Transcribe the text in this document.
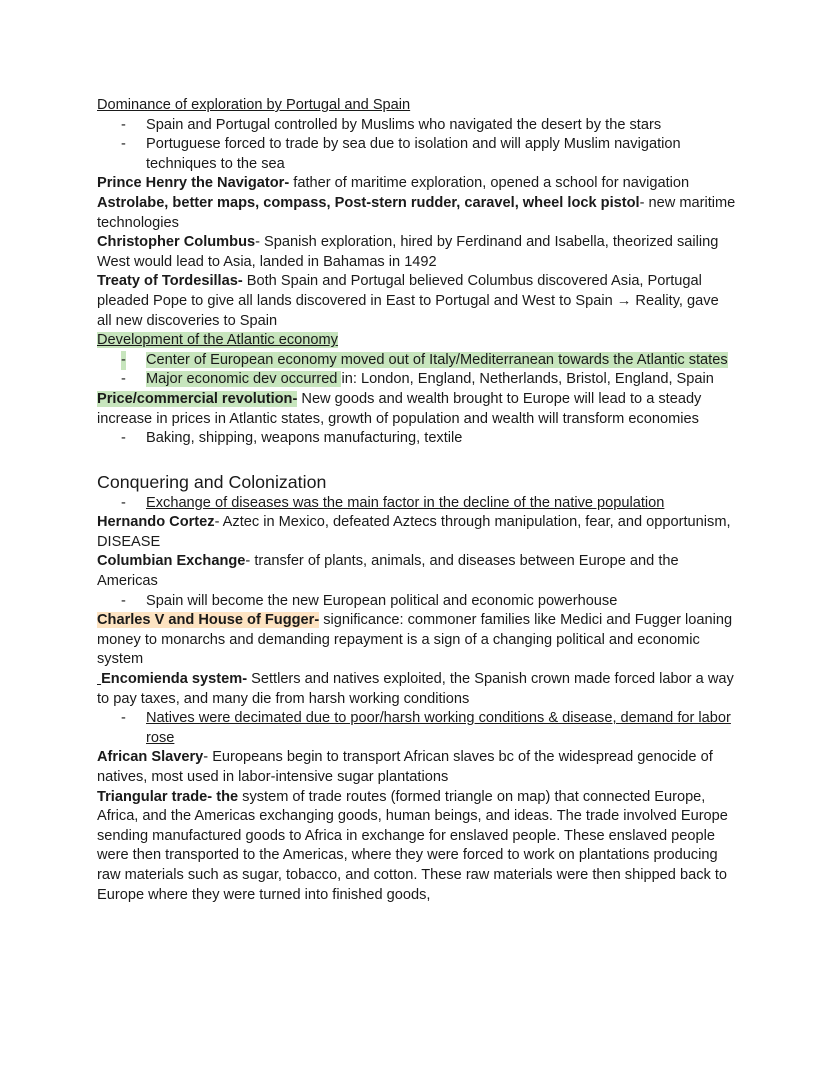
Dominance of exploration by Portugal and Spain

- Spain and Portugal controlled by Muslims who navigated the desert by the stars
- Portuguese forced to trade by sea due to isolation and will apply Muslim navigation techniques to the sea

Prince Henry the Navigator- father of maritime exploration, opened a school for navigation

Astrolabe, better maps, compass, Post-stern rudder, caravel, wheel lock pistol- new maritime technologies

Christopher Columbus- Spanish exploration, hired by Ferdinand and Isabella, theorized sailing West would lead to Asia, landed in Bahamas in 1492

Treaty of Tordesillas- Both Spain and Portugal believed Columbus discovered Asia, Portugal pleaded Pope to give all lands discovered in East to Portugal and West to Spain → Reality, gave all new discoveries to Spain

Development of the Atlantic economy

- Center of European economy moved out of Italy/Mediterranean towards the Atlantic states
- Major economic dev occurred in: London, England, Netherlands, Bristol, England, Spain

Price/commercial revolution- New goods and wealth brought to Europe will lead to a steady increase in prices in Atlantic states, growth of population and wealth will transform economies

- Baking, shipping, weapons manufacturing, textile
Conquering and Colonization
- Exchange of diseases was the main factor in the decline of the native population

Hernando Cortez- Aztec in Mexico, defeated Aztecs through manipulation, fear, and opportunism, DISEASE

Columbian Exchange- transfer of plants, animals, and diseases between Europe and the Americas

- Spain will become the new European political and economic powerhouse

Charles V and House of Fugger- significance: commoner families like Medici and Fugger loaning money to monarchs and demanding repayment is a sign of a changing political and economic system

Encomienda system- Settlers and natives exploited, the Spanish crown made forced labor a way to pay taxes, and many die from harsh working conditions

- Natives were decimated due to poor/harsh working conditions & disease, demand for labor rose

African Slavery- Europeans begin to transport African slaves bc of the widespread genocide of natives, most used in labor-intensive sugar plantations

Triangular trade- the system of trade routes (formed triangle on map) that connected Europe, Africa, and the Americas exchanging goods, human beings, and ideas. The trade involved Europe sending manufactured goods to Africa in exchange for enslaved people. These enslaved people were then transported to the Americas, where they were forced to work on plantations producing raw materials such as sugar, tobacco, and cotton. These raw materials were then shipped back to Europe where they were turned into finished goods,
